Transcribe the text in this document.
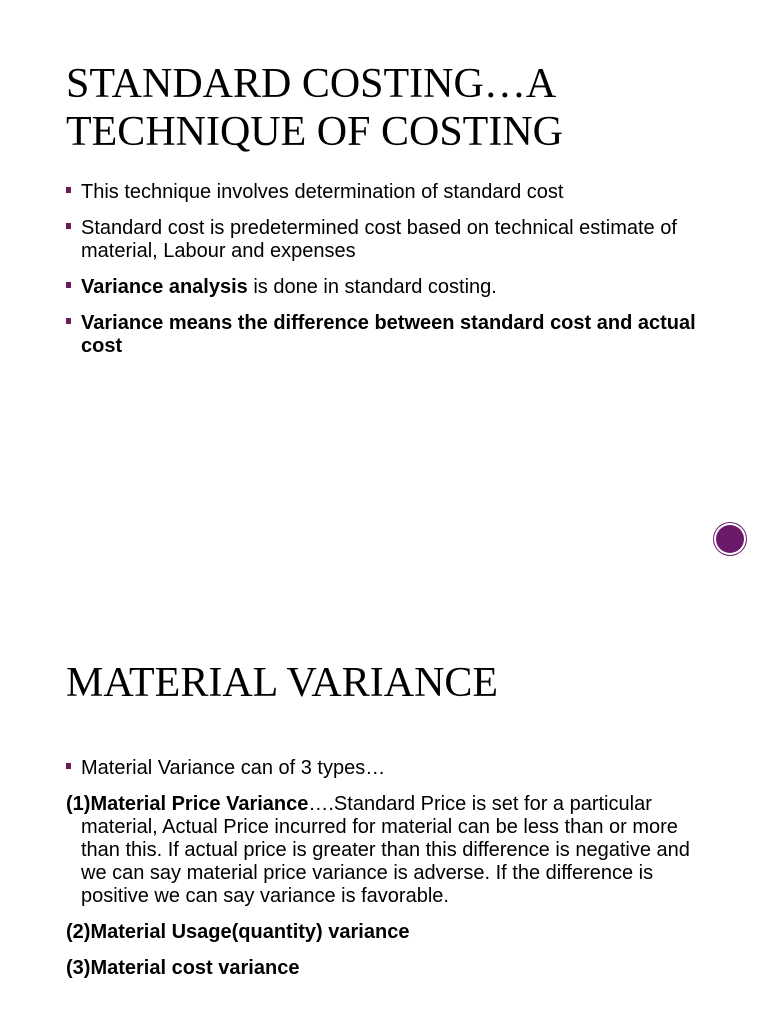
STANDARD COSTING…A
TECHNIQUE OF COSTING
This technique involves determination of standard cost
Standard cost is predetermined cost based on technical estimate of material, Labour and expenses
Variance analysis is done in standard costing.
Variance means the difference between standard cost and actual cost
MATERIAL VARIANCE
Material Variance can of 3 types…
(1)Material Price Variance….Standard Price is set for a particular material, Actual Price incurred for material can be less than or more than this. If actual price is greater than this difference is negative and we can say material price variance is adverse. If the difference is positive we can say variance is favorable.
(2)Material Usage(quantity) variance
(3)Material cost variance
